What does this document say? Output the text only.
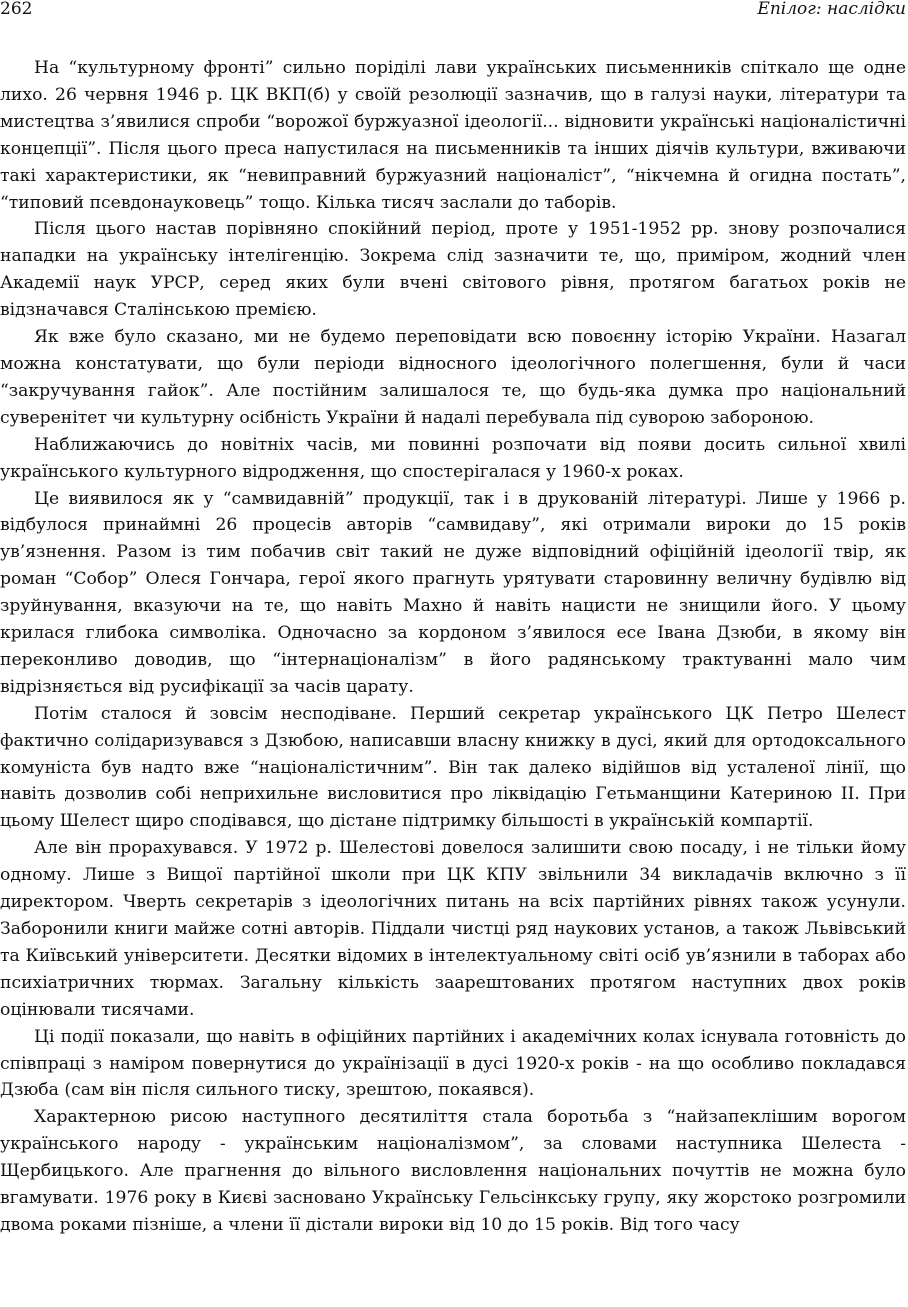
262	Епілог: наслідки

На “культурному фронті” сильно поріділі лави українських письменників спіткало ще одне лихо. 26 червня 1946 р. ЦК ВКП(б) у своїй резолюції зазначив, що в галузі науки, літератури та мистецтва з’явилися спроби “ворожої буржуазної ідеології... відновити українські націоналістичні концепції”. Після цього преса напустилася на письменників та інших діячів культури, вживаючи такі характеристики, як “невиправний буржуазний націоналіст”, “нікчемна й огидна постать”, “типовий псевдонауковець” тощо. Кілька тисяч заслали до таборів.

Після цього настав порівняно спокійний період, проте у 1951-1952 рр. знову розпочалися нападки на українську інтелігенцію. Зокрема слід зазначити те, що, приміром, жодний член Академії наук УРСР, серед яких були вчені світового рівня, протягом багатьох років не відзначався Сталінською премією.

Як вже було сказано, ми не будемо переповідати всю повоєнну історію України. Назагал можна констатувати, що були періоди відносного ідеологічного полегшення, були й часи “закручування гайок”. Але постійним залишалося те, що будь-яка думка про національний суверенітет чи культурну осібність України й надалі перебувала під суворою забороною.

Наближаючись до новітніх часів, ми повинні розпочати від появи досить сильної хвилі українського культурного відродження, що спостерігалася у 1960-х роках.

Це виявилося як у “самвидавній” продукції, так і в друкованій літературі. Лише у 1966 р. відбулося принаймні 26 процесів авторів “самвидаву”, які отримали вироки до 15 років ув’язнення. Разом із тим побачив світ такий не дуже відповідний офіційній ідеології твір, як роман “Собор” Олеся Гончара, герої якого прагнуть урятувати старовинну величну будівлю від зруйнування, вказуючи на те, що навіть Махно й навіть нацисти не знищили його. У цьому крилася глибока символіка. Одночасно за кордоном з’явилося есе Івана Дзюби, в якому він переконливо доводив, що “інтернаціоналізм” в його радянському трактуванні мало чим відрізняється від русифікації за часів царату.

Потім сталося й зовсім несподіване. Перший секретар українського ЦК Петро Шелест фактично солідаризувався з Дзюбою, написавши власну книжку в дусі, який для ортодоксального комуніста був надто вже “націоналістичним”. Він так далеко відійшов від усталеної лінії, що навіть дозволив собі неприхильне висловитися про ліквідацію Гетьманщини Катериною II. При цьому Шелест щиро сподівався, що дістане підтримку більшості в українській компартії.

Але він прорахувався. У 1972 р. Шелестові довелося залишити свою посаду, і не тільки йому одному. Лише з Вищої партійної школи при ЦК КПУ звільнили 34 викладачів включно з її директором. Чверть секретарів з ідеологічних питань на всіх партійних рівнях також усунули. Заборонили книги майже сотні авторів. Піддали чистці ряд наукових установ, а також Львівський та Київський університети. Десятки відомих в інтелектуальному світі осіб ув’язнили в таборах або психіатричних тюрмах. Загальну кількість заарештованих протягом наступних двох років оцінювали тисячами.

Ці події показали, що навіть в офіційних партійних і академічних колах існувала готовність до співпраці з наміром повернутися до українізації в дусі 1920-х років - на що особливо покладався Дзюба (сам він після сильного тиску, зрештою, покаявся).

Характерною рисою наступного десятиліття стала боротьба з “найзапеклішим ворогом українського народу - українським націоналізмом”, за словами наступника Шелеста - Щербицького. Але прагнення до вільного висловлення національних почуттів не можна було вгамувати. 1976 року в Києві засновано Українську Гельсінкську групу, яку жорстоко розгромили двома роками пізніше, а члени її дістали вироки від 10 до 15 років. Від того часу
